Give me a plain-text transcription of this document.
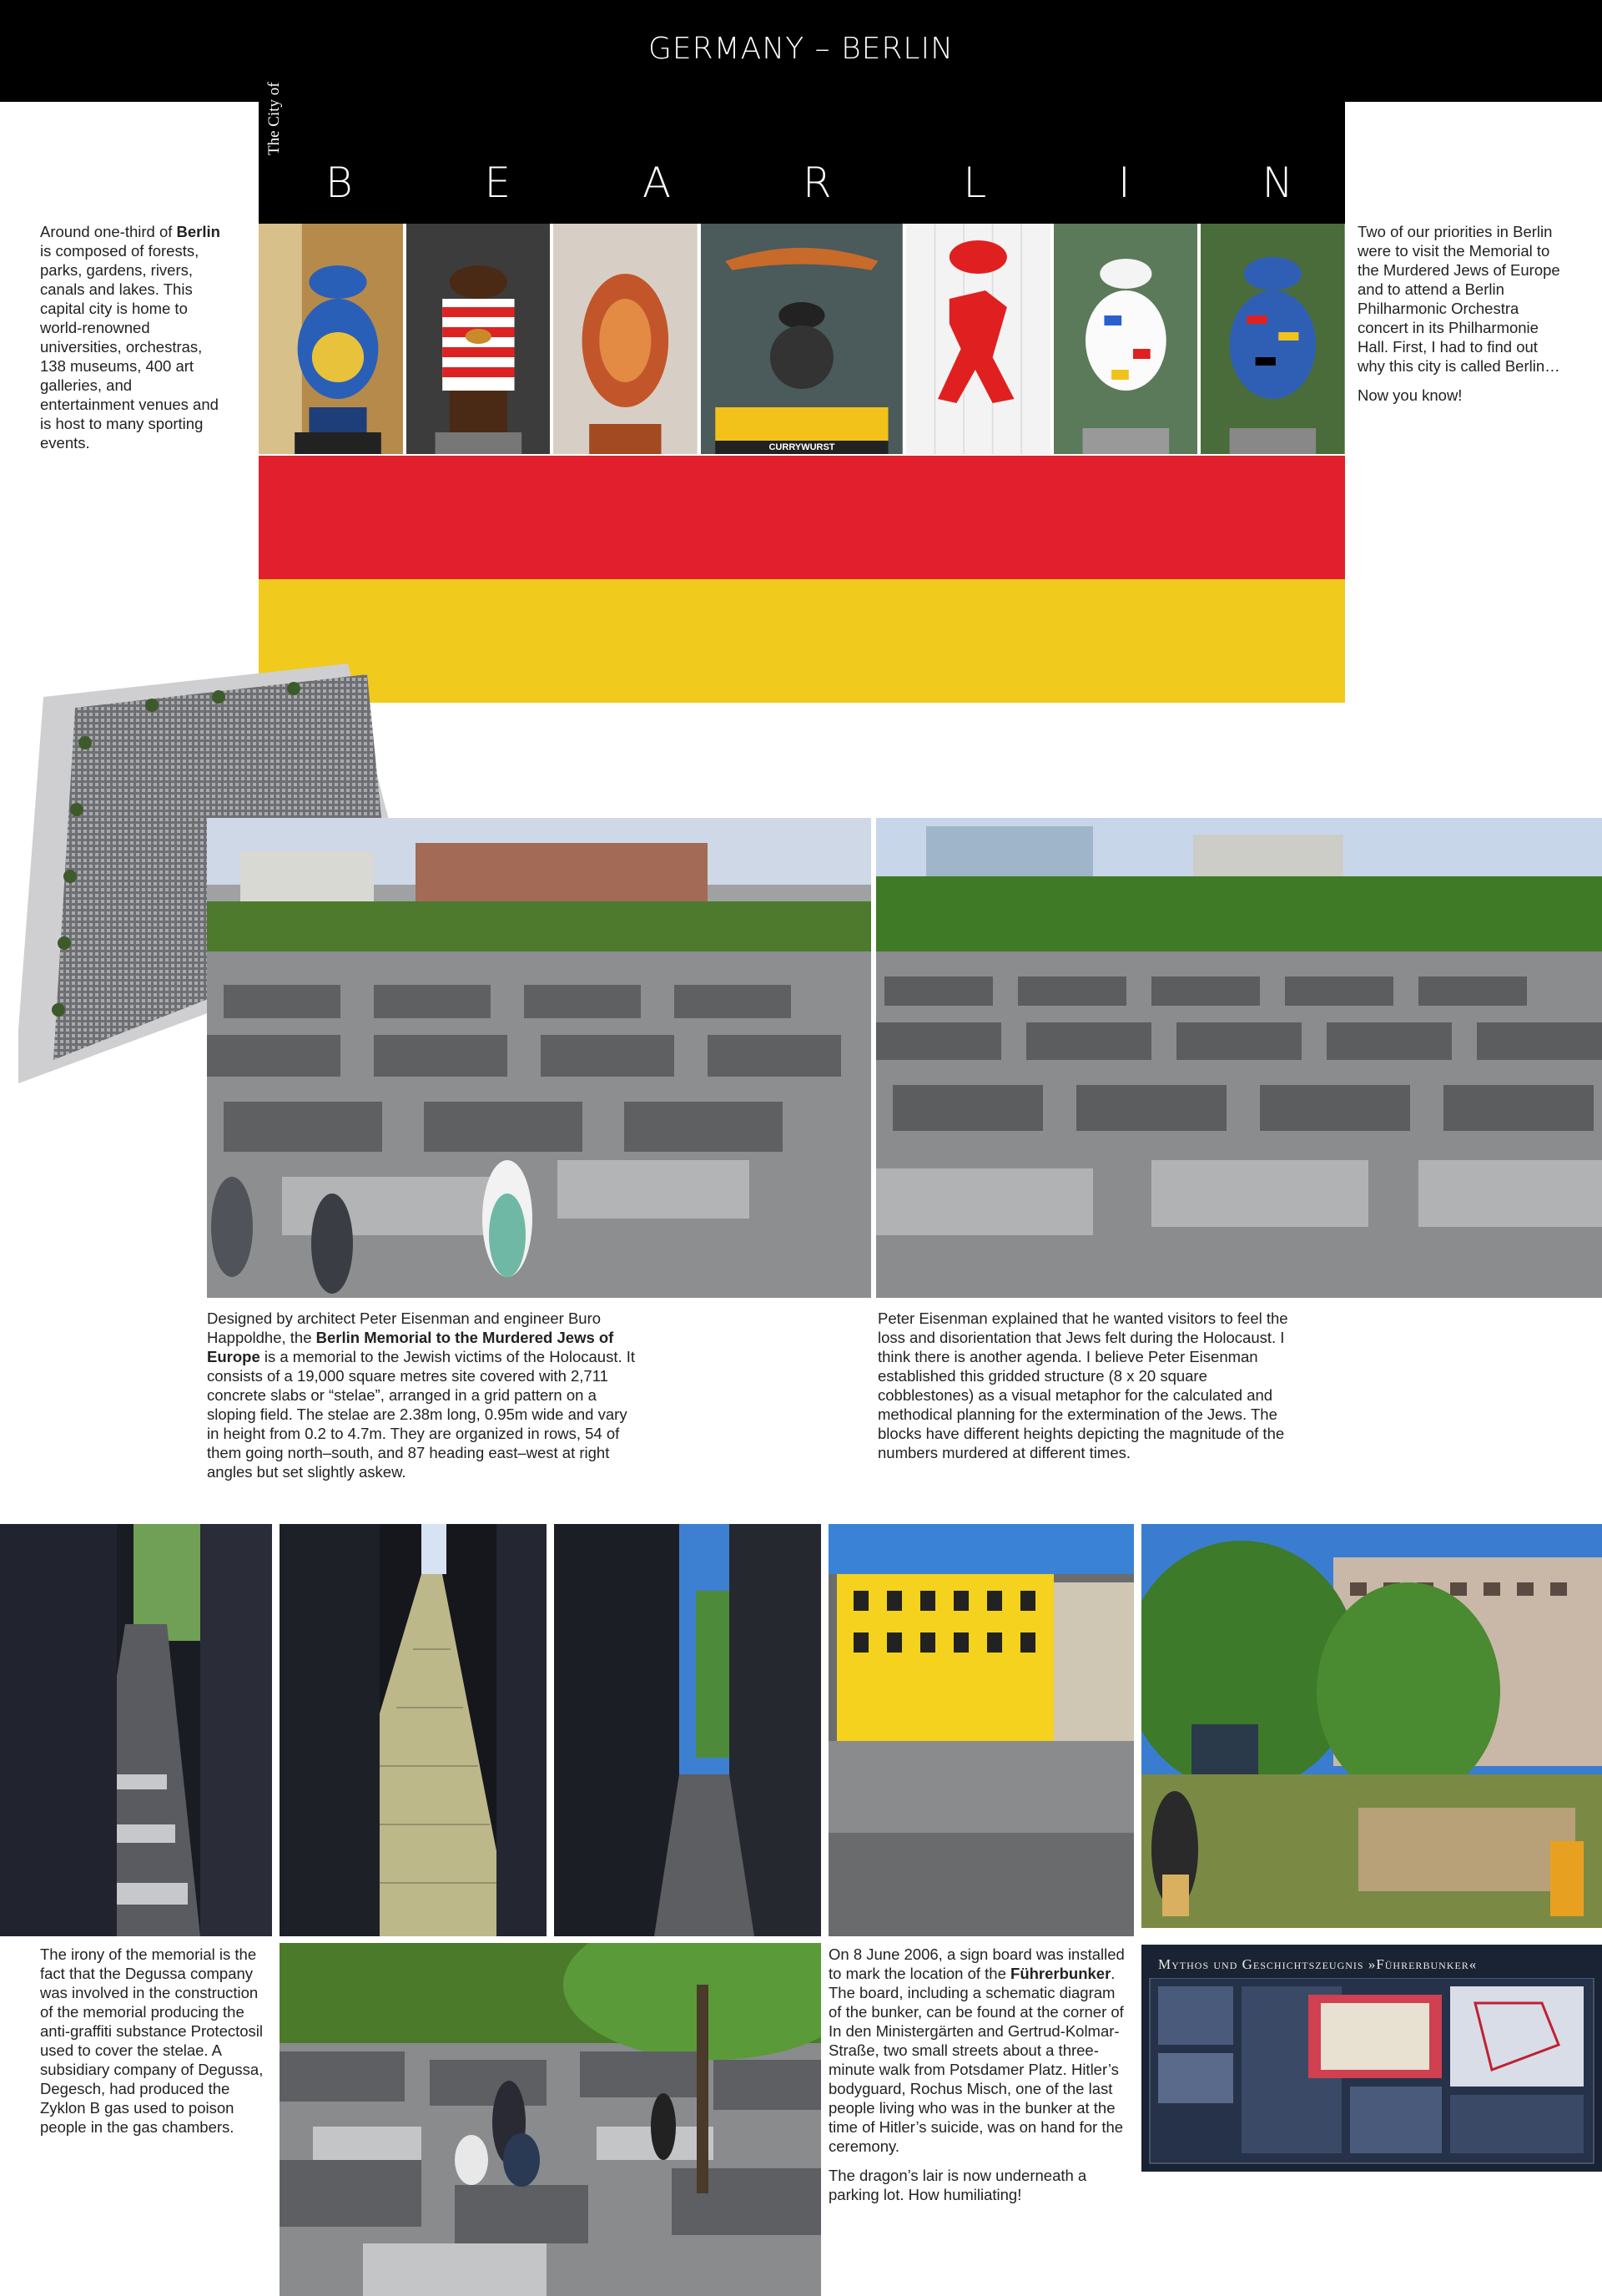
GERMANY – BERLIN
The City of
B	E	A	R	L	I	N
CURRYWURST
Around one-third of Berlin is composed of forests, parks, gardens, rivers, canals and lakes. This capital city is home to world-renowned universities, orchestras, 138 museums, 400 art galleries, and entertainment venues and is host to many sporting events.

Two of our priorities in Berlin were to visit the Memorial to the Murdered Jews of Europe and to attend a Berlin Philharmonic Orchestra concert in its Philharmonie Hall. First, I had to find out why this city is called Berlin…

Now you know!

Designed by architect Peter Eisenman and engineer Buro Happoldhe, the Berlin Memorial to the Murdered Jews of Europe is a memorial to the Jewish victims of the Holocaust. It consists of a 19,000 square metres site covered with 2,711 concrete slabs or “stelae”, arranged in a grid pattern on a sloping field. The stelae are 2.38m long, 0.95m wide and vary in height from 0.2 to 4.7m. They are organized in rows, 54 of them going north–south, and 87 heading east–west at right angles but set slightly askew.
Peter Eisenman explained that he wanted visitors to feel the loss and disorientation that Jews felt during the Holocaust. I think there is another agenda. I believe Peter Eisenman established this gridded structure (8 x 20 square cobblestones) as a visual metaphor for the calculated and methodical planning for the extermination of the Jews. The blocks have different heights depicting the magnitude of the numbers murdered at different times.
The irony of the memorial is the fact that the Degussa company was involved in the construction of the memorial producing the anti-graffiti substance Protectosil used to cover the stelae. A subsidiary company of Degussa, Degesch, had produced the Zyklon B gas used to poison people in the gas chambers.

On 8 June 2006, a sign board was installed to mark the location of the Führerbunker. The board, including a schematic diagram of the bunker, can be found at the corner of In den Ministergärten and Gertrud-Kolmar-Straße, two small streets about a three-minute walk from Potsdamer Platz. Hitler’s bodyguard, Rochus Misch, one of the last people living who was in the bunker at the time of Hitler’s suicide, was on hand for the ceremony.

The dragon’s lair is now underneath a parking lot. How humiliating!

Mythos und Geschichtszeugnis »Führerbunker«
